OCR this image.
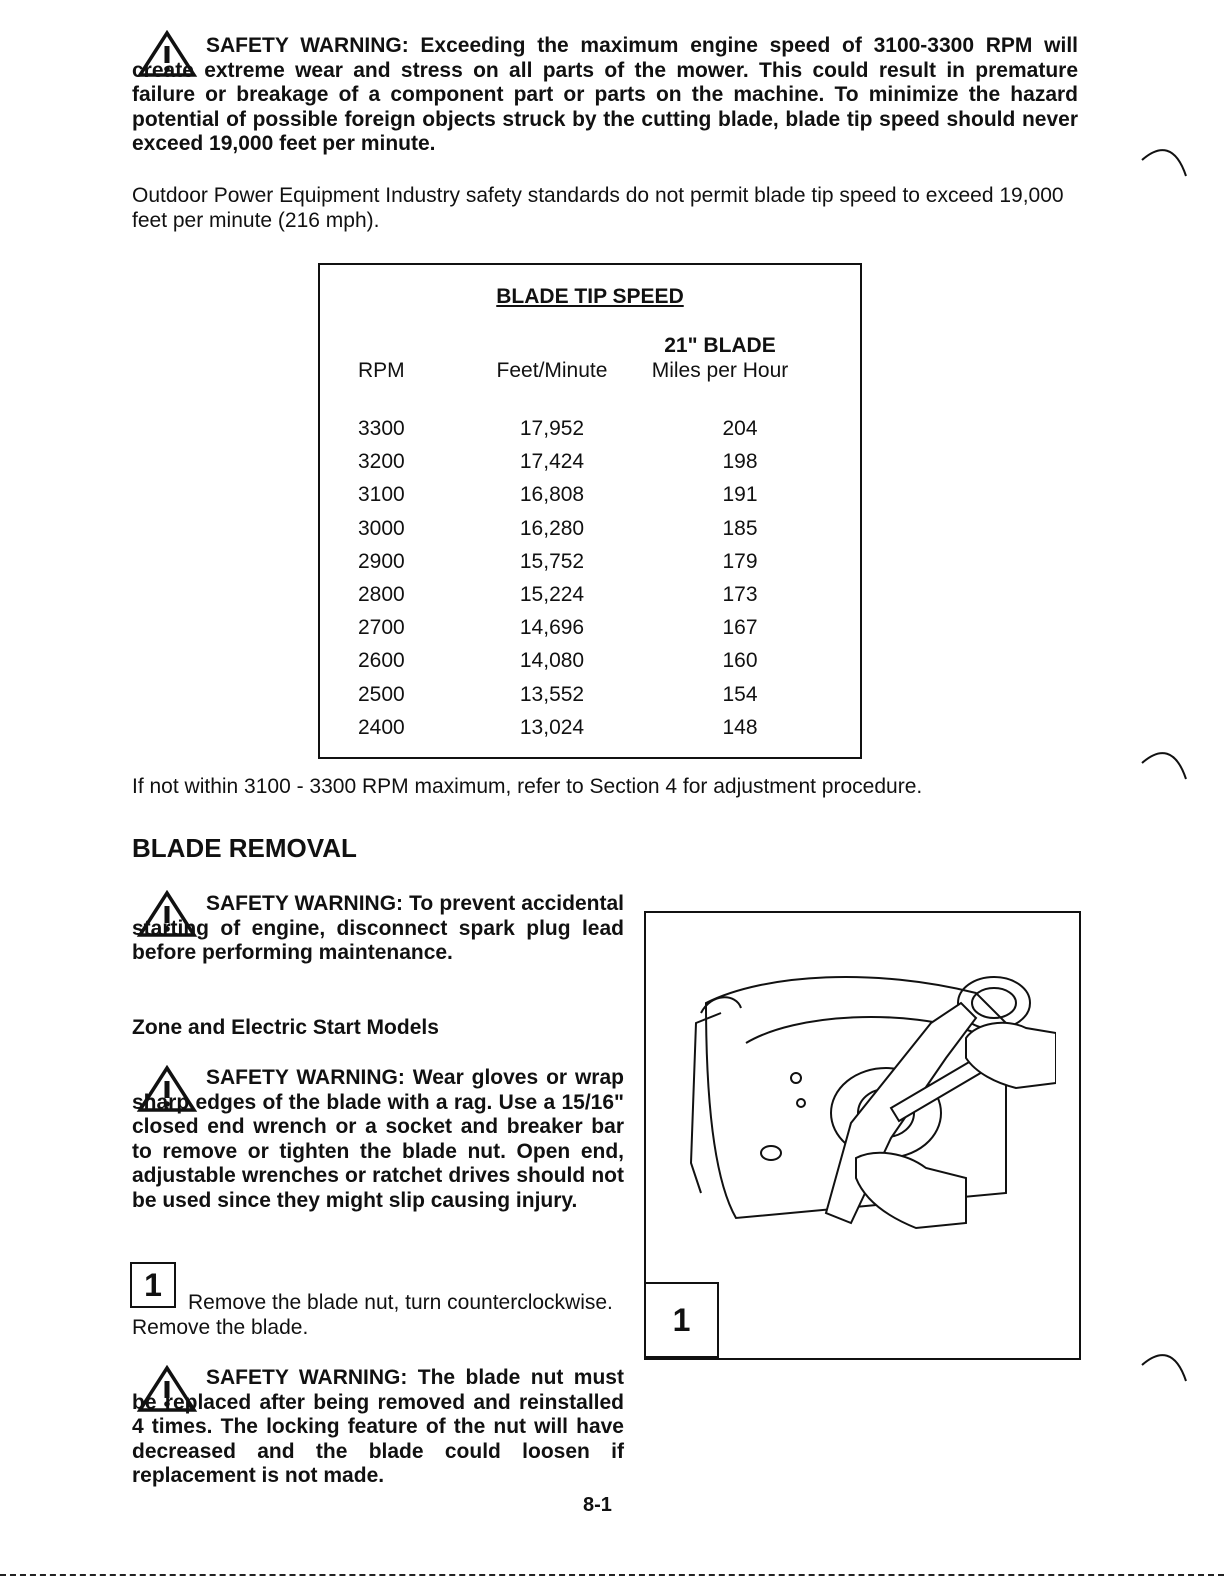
SAFETY WARNING: Exceeding the maximum engine speed of 3100-3300 RPM will create extreme wear and stress on all parts of the mower. This could result in premature failure or breakage of a component part or parts on the machine. To minimize the hazard potential of possible foreign objects struck by the cutting blade, blade tip speed should never exceed 19,000 feet per minute.

Outdoor Power Equipment Industry safety standards do not permit blade tip speed to exceed 19,000 feet per minute (216 mph).

BLADE TIP SPEED
21" BLADE
RPM	Feet/Minute	Miles per Hour
3300	17,952	204
3200	17,424	198
3100	16,808	191
3000	16,280	185
2900	15,752	179
2800	15,224	173
2700	14,696	167
2600	14,080	160
2500	13,552	154
2400	13,024	148

If not within 3100 - 3300 RPM maximum, refer to Section 4 for adjustment procedure.

BLADE REMOVAL

SAFETY WARNING: To prevent accidental starting of engine, disconnect spark plug lead before performing maintenance.

Zone and Electric Start Models

SAFETY WARNING: Wear gloves or wrap sharp edges of the blade with a rag. Use a 15/16" closed end wrench or a socket and breaker bar to remove or tighten the blade nut. Open end, adjustable wrenches or ratchet drives should not be used since they might slip causing injury.

1	Remove the blade nut, turn counterclockwise. Remove the blade.

SAFETY WARNING: The blade nut must be replaced after being removed and reinstalled 4 times. The locking feature of the nut will have decreased and the blade could loosen if replacement is not made.

8-1
1
